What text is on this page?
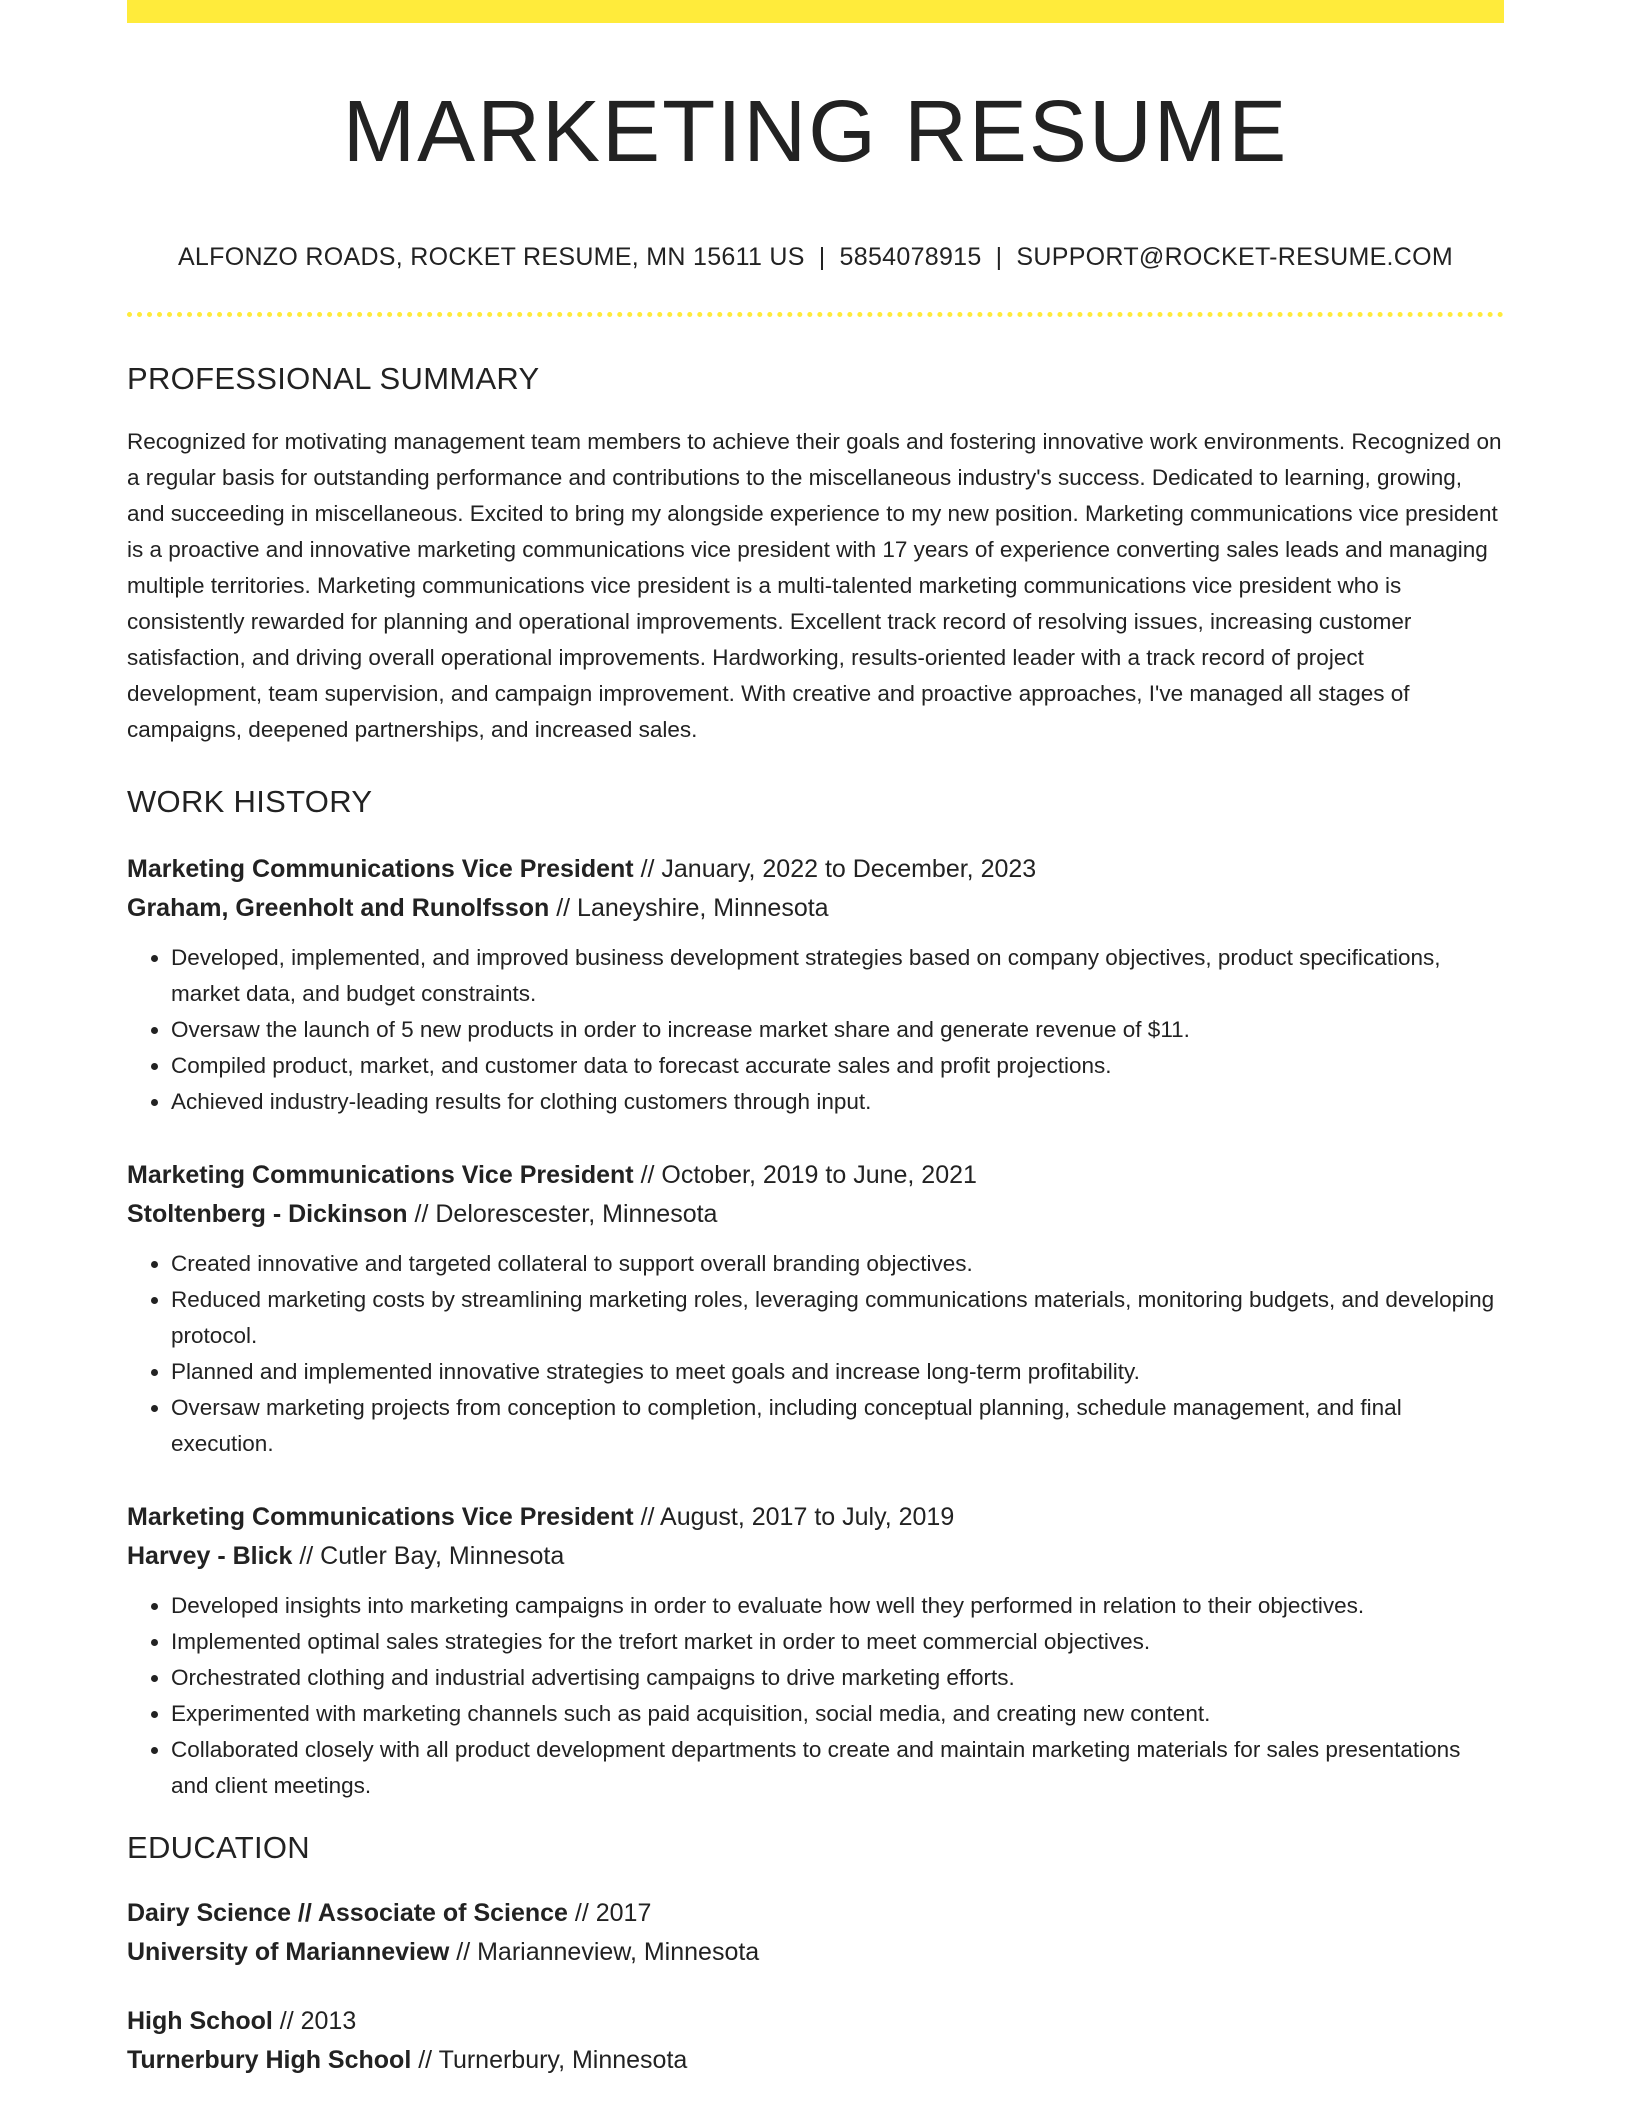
MARKETING RESUME
ALFONZO ROADS, ROCKET RESUME, MN 15611 US | 5854078915 | SUPPORT@ROCKET-RESUME.COM
PROFESSIONAL SUMMARY

Recognized for motivating management team members to achieve their goals and fostering innovative work environments. Recognized on a regular basis for outstanding performance and contributions to the miscellaneous industry's success. Dedicated to learning, growing, and succeeding in miscellaneous. Excited to bring my alongside experience to my new position. Marketing communications vice president is a proactive and innovative marketing communications vice president with 17 years of experience converting sales leads and managing multiple territories. Marketing communications vice president is a multi-talented marketing communications vice president who is consistently rewarded for planning and operational improvements. Excellent track record of resolving issues, increasing customer satisfaction, and driving overall operational improvements. Hardworking, results-oriented leader with a track record of project development, team supervision, and campaign improvement. With creative and proactive approaches, I've managed all stages of campaigns, deepened partnerships, and increased sales.

WORK HISTORY
Marketing Communications Vice President // January, 2022 to December, 2023
Graham, Greenholt and Runolfsson // Laneyshire, Minnesota
• Developed, implemented, and improved business development strategies based on company objectives, product specifications, market data, and budget constraints.
• Oversaw the launch of 5 new products in order to increase market share and generate revenue of $11.
• Compiled product, market, and customer data to forecast accurate sales and profit projections.
• Achieved industry-leading results for clothing customers through input.
Marketing Communications Vice President // October, 2019 to June, 2021
Stoltenberg - Dickinson // Delorescester, Minnesota
• Created innovative and targeted collateral to support overall branding objectives.
• Reduced marketing costs by streamlining marketing roles, leveraging communications materials, monitoring budgets, and developing protocol.
• Planned and implemented innovative strategies to meet goals and increase long-term profitability.
• Oversaw marketing projects from conception to completion, including conceptual planning, schedule management, and final execution.
Marketing Communications Vice President // August, 2017 to July, 2019
Harvey - Blick // Cutler Bay, Minnesota
• Developed insights into marketing campaigns in order to evaluate how well they performed in relation to their objectives.
• Implemented optimal sales strategies for the trefort market in order to meet commercial objectives.
• Orchestrated clothing and industrial advertising campaigns to drive marketing efforts.
• Experimented with marketing channels such as paid acquisition, social media, and creating new content.
• Collaborated closely with all product development departments to create and maintain marketing materials for sales presentations and client meetings.
EDUCATION
Dairy Science // Associate of Science // 2017
University of Marianneview // Marianneview, Minnesota
High School // 2013
Turnerbury High School // Turnerbury, Minnesota
